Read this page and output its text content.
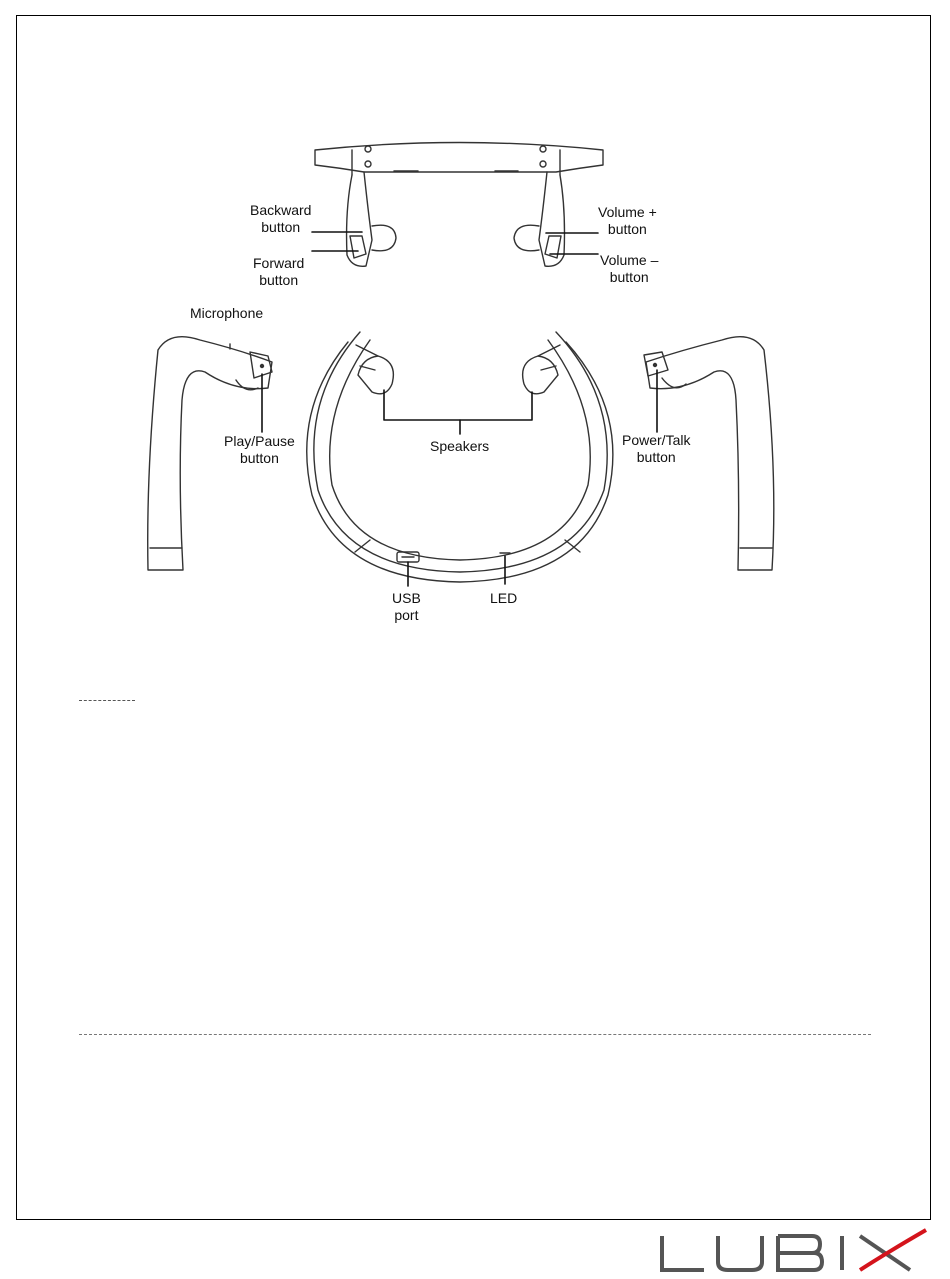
Backward
button
Forward
button
Volume +
button
Volume –
button
Microphone
Play/Pause
button
Speakers	Power/Talk
button
USB
port
LED
